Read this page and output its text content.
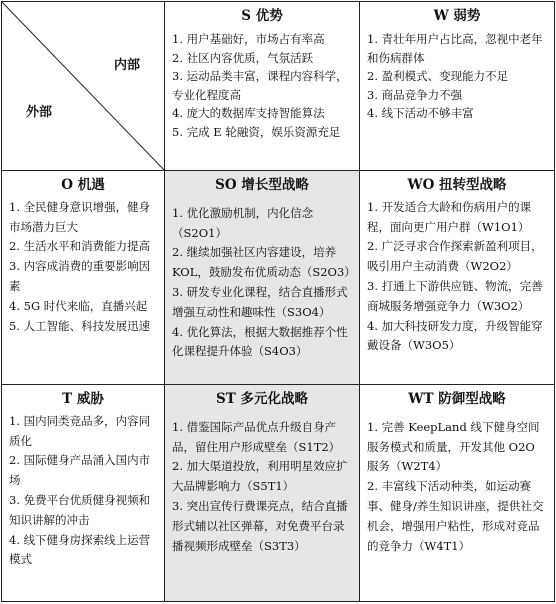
内部
外部
S 优势
1. 用户基础好，市场占有率高
2. 社区内容优质，气氛活跃
3. 运动品类丰富，课程内容科学，专业化程度高
4. 庞大的数据库支持智能算法
5. 完成 E 轮融资，娱乐资源充足
W 弱势
1. 青壮年用户占比高，忽视中老年和伤病群体
2. 盈利模式、变现能力不足
3. 商品竞争力不强
4. 线下活动不够丰富
O 机遇
1. 全民健身意识增强，健身市场潜力巨大
2. 生活水平和消费能力提高
3. 内容成消费的重要影响因素
4. 5G 时代来临，直播兴起
5. 人工智能、科技发展迅速
SO 增长型战略
1. 优化激励机制，内化信念（S2O1）
2. 继续加强社区内容建设，培养 KOL，鼓励发布优质动态（S2O3）
3. 研发专业化课程，结合直播形式增强互动性和趣味性（S3O4）
4. 优化算法，根据大数据推荐个性化课程提升体验（S4O3）
WO 扭转型战略
1. 开发适合大龄和伤病用户的课程，面向更广用户群（W1O1）
2. 广泛寻求合作探索新盈利项目，吸引用户主动消费（W2O2）
3. 打通上下游供应链、物流，完善商城服务增强竞争力（W3O2）
4. 加大科技研发力度，升级智能穿戴设备（W3O5）
T 威胁
1. 国内同类竞品多，内容同质化
2. 国际健身产品涌入国内市场
3. 免费平台优质健身视频和知识讲解的冲击
4. 线下健身房探索线上运营模式
ST 多元化战略
1. 借鉴国际产品优点升级自身产品，留住用户形成壁垒（S1T2）
2. 加大渠道投放，利用明星效应扩大品牌影响力（S5T1）
3. 突出宣传行费课亮点，结合直播形式辅以社区弹幕，对免费平台录播视频形成壁垒（S3T3）
WT 防御型战略
1. 完善 KeepLand 线下健身空间服务模式和质量，开发其他 O2O 服务（W2T4）
2. 丰富线下活动种类，如运动赛事、健身/养生知识讲座，提供社交机会，增强用户粘性，形成对竞品的竞争力（W4T1）
